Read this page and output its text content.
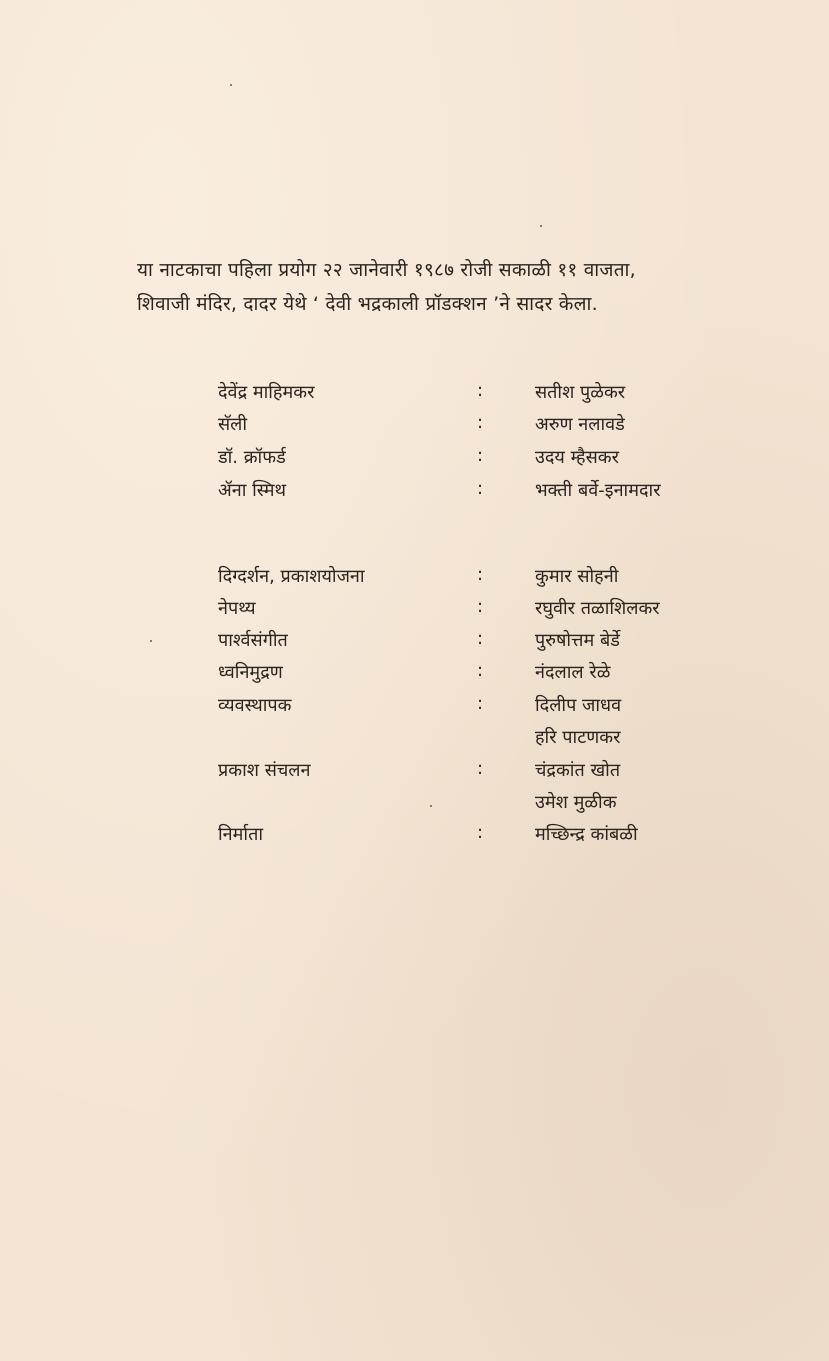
या नाटकाचा पहिला प्रयोग २२ जानेवारी १९८७ रोजी सकाळी ११ वाजता,

शिवाजी मंदिर, दादर येथे ‘ देवी भद्रकाली प्रॉडक्शन ’ने सादर केला.

देवेंद्र माहिमकर	:	सतीश पुळेकर
सॅली	:	अरुण नलावडे
डॉ. क्रॉफर्ड	:	उदय म्हैसकर
ॲना स्मिथ	:	भक्ती बर्वे-इनामदार
दिग्दर्शन, प्रकाशयोजना	:	कुमार सोहनी
नेपथ्य	:	रघुवीर तळाशिलकर
पार्श्वसंगीत	:	पुरुषोत्तम बेर्डे
ध्वनिमुद्रण	:	नंदलाल रेळे
व्यवस्थापक	:	दिलीप जाधव
हरि पाटणकर
प्रकाश संचलन	:	चंद्रकांत खोत
उमेश मुळीक
निर्माता	:	मच्छिन्द्र कांबळी
